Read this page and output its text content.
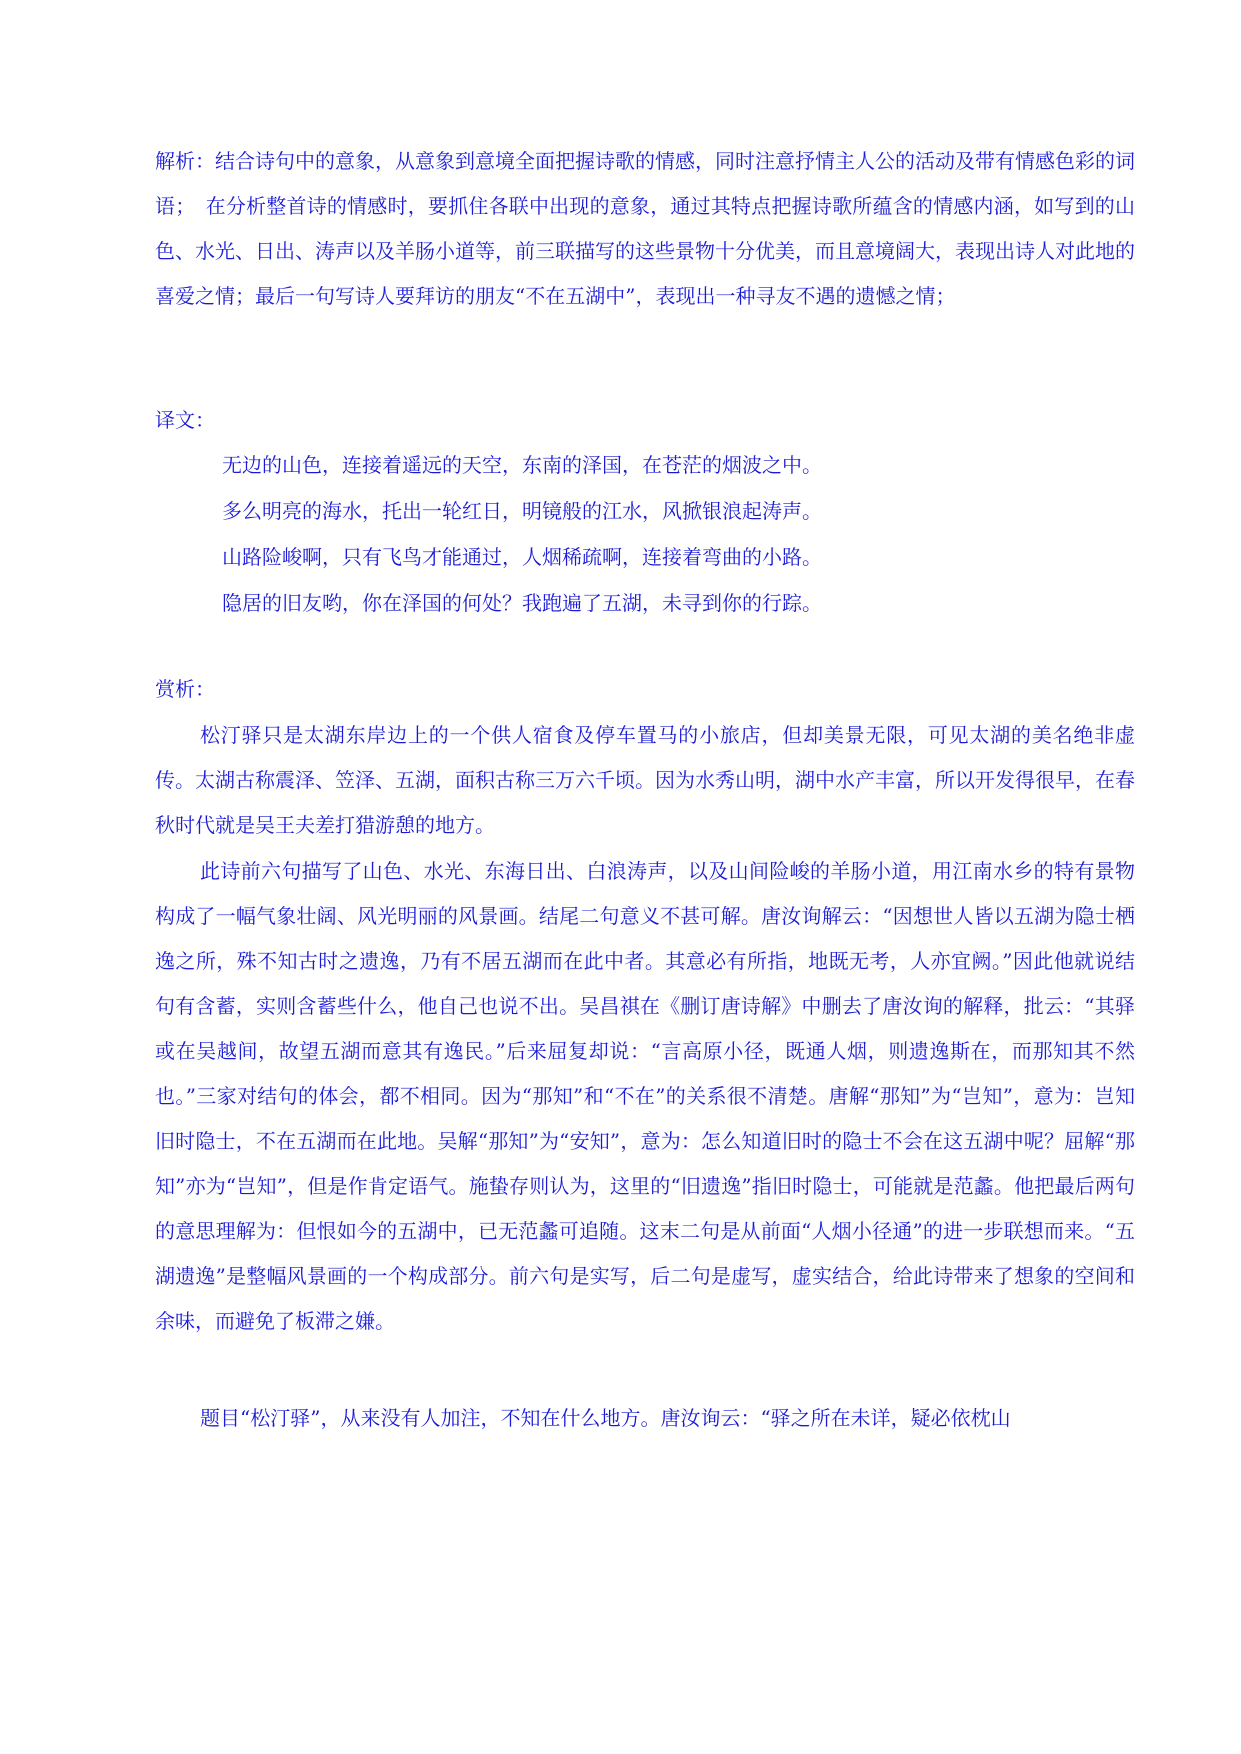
解析：结合诗句中的意象，从意象到意境全面把握诗歌的情感，同时注意抒情主人公的活动及带有情感色彩的词语；　在分析整首诗的情感时，要抓住各联中出现的意象，通过其特点把握诗歌所蕴含的情感内涵，如写到的山色、水光、日出、涛声以及羊肠小道等，前三联描写的这些景物十分优美，而且意境阔大，表现出诗人对此地的喜爱之情；最后一句写诗人要拜访的朋友“不在五湖中”，表现出一种寻友不遇的遗憾之情；

译文：

无边的山色，连接着遥远的天空，东南的泽国，在苍茫的烟波之中。

多么明亮的海水，托出一轮红日，明镜般的江水，风掀银浪起涛声。

山路险峻啊，只有飞鸟才能通过，人烟稀疏啊，连接着弯曲的小路。

隐居的旧友哟，你在泽国的何处？我跑遍了五湖，未寻到你的行踪。

赏析：

松汀驿只是太湖东岸边上的一个供人宿食及停车置马的小旅店，但却美景无限，可见太湖的美名绝非虚传。太湖古称震泽、笠泽、五湖，面积古称三万六千顷。因为水秀山明，湖中水产丰富，所以开发得很早，在春秋时代就是吴王夫差打猎游憩的地方。

此诗前六句描写了山色、水光、东海日出、白浪涛声，以及山间险峻的羊肠小道，用江南水乡的特有景物构成了一幅气象壮阔、风光明丽的风景画。结尾二句意义不甚可解。唐汝询解云：“因想世人皆以五湖为隐士栖逸之所，殊不知古时之遗逸，乃有不居五湖而在此中者。其意必有所指，地既无考，人亦宜阙。”因此他就说结句有含蓄，实则含蓄些什么，他自己也说不出。吴昌祺在《删订唐诗解》中删去了唐汝询的解释，批云：“其驿或在吴越间，故望五湖而意其有逸民。”后来屈复却说：“言高原小径，既通人烟，则遗逸斯在，而那知其不然也。”三家对结句的体会，都不相同。因为“那知”和“不在”的关系很不清楚。唐解“那知”为“岂知”，意为：岂知旧时隐士，不在五湖而在此地。吴解“那知”为“安知”，意为：怎么知道旧时的隐士不会在这五湖中呢？屈解“那知”亦为“岂知”，但是作肯定语气。施蛰存则认为，这里的“旧遗逸”指旧时隐士，可能就是范蠡。他把最后两句的意思理解为：但恨如今的五湖中，已无范蠡可追随。这末二句是从前面“人烟小径通”的进一步联想而来。“五湖遗逸”是整幅风景画的一个构成部分。前六句是实写，后二句是虚写，虚实结合，给此诗带来了想象的空间和余味，而避免了板滞之嫌。

题目“松汀驿”，从来没有人加注，不知在什么地方。唐汝询云：“驿之所在未详，疑必依枕山
